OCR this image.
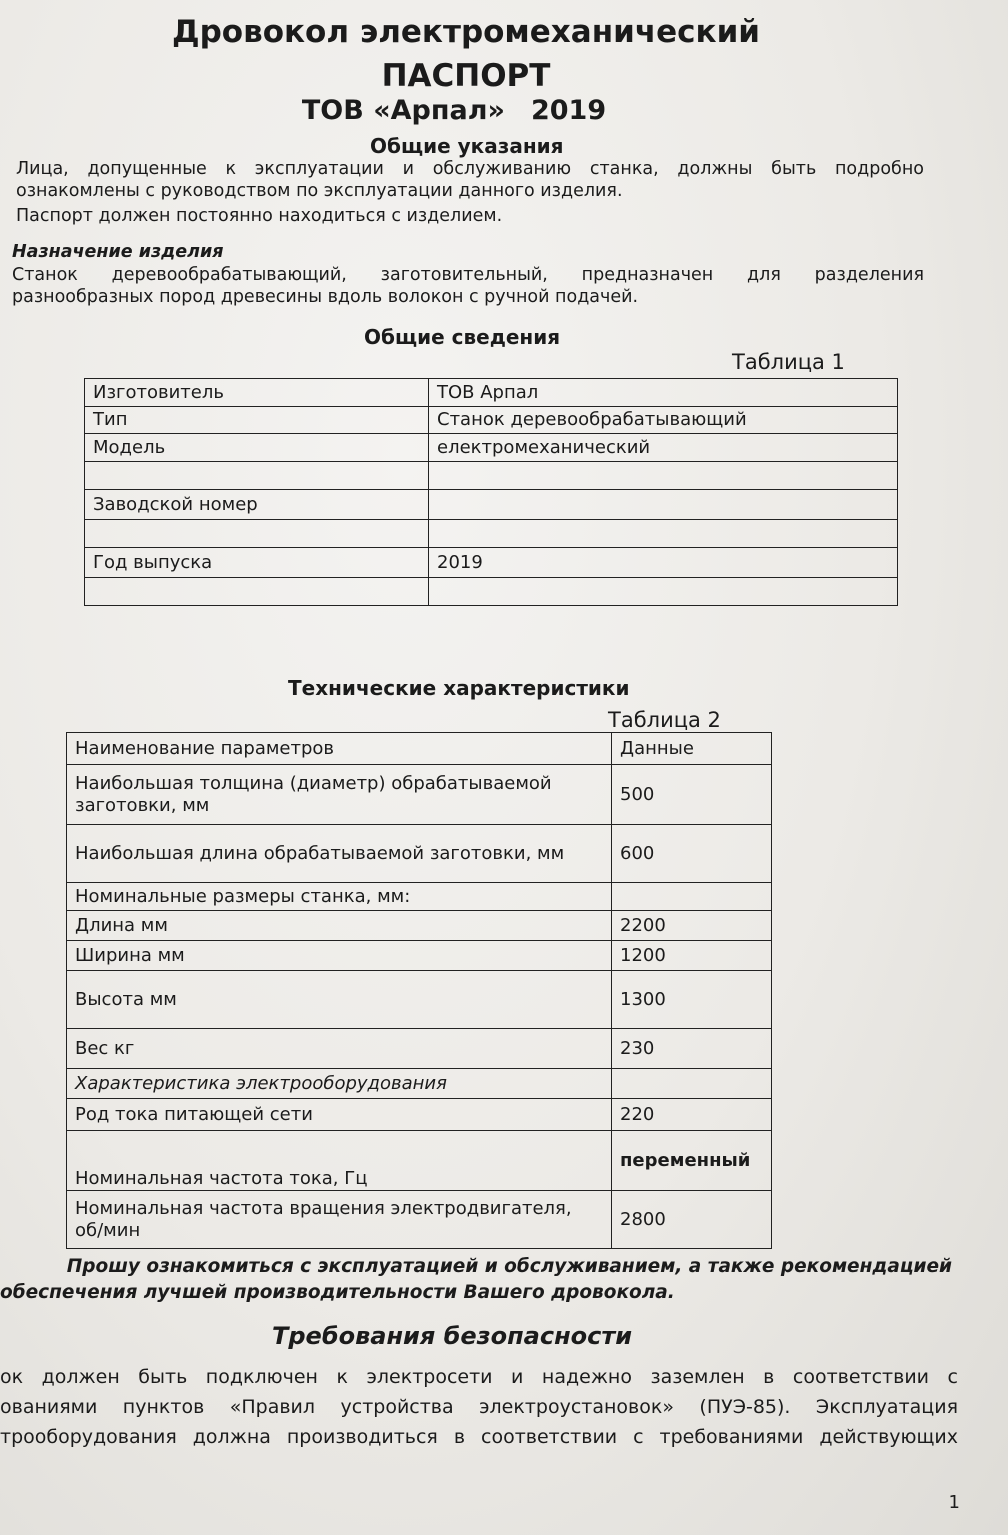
Дровокол электромеханический
ПАСПОРТ
ТОВ «Арпал» 2019
Общие указания
Лица, допущенные к эксплуатации и обслуживанию станка, должны быть подробно
ознакомлены с руководством по эксплуатации данного изделия.
Паспорт должен постоянно находиться с изделием.
Назначение изделия
Станок деревообрабатывающий, заготовительный, предназначен для разделения
разнообразных пород древесины вдоль волокон с ручной подачей.
Общие сведения
Таблица 1
Изготовитель	ТОВ Арпал
Тип	Станок деревообрабатывающий
Модель	електромеханический

Заводской номер	

Год выпуска	2019

Технические характеристики
Таблица 2
Наименование параметров	Данные
Наибольшая толщина (диаметр) обрабатываемой заготовки, мм	500
Наибольшая длина обрабатываемой заготовки, мм	600
Номинальные размеры станка, мм:	
Длина мм	2200
Ширина мм	1200
Высота мм	1300
Вес кг	230
Характеристика электрооборудования	
Род тока питающей сети	220
Номинальная частота тока, Гц	переменный
Номинальная частота вращения электродвигателя, об/мин	2800
Прошу ознакомиться с эксплуатацией и обслуживанием, а также рекомендацией
обеспечения лучшей производительности Вашего дровокола.
Требования безопасности
ок должен быть подключен к электросети и надежно заземлен в соответствии с
ованиями пунктов «Правил устройства электроустановок» (ПУЭ-85). Эксплуатация
трооборудования должна производиться в соответствии с требованиями действующих
1
